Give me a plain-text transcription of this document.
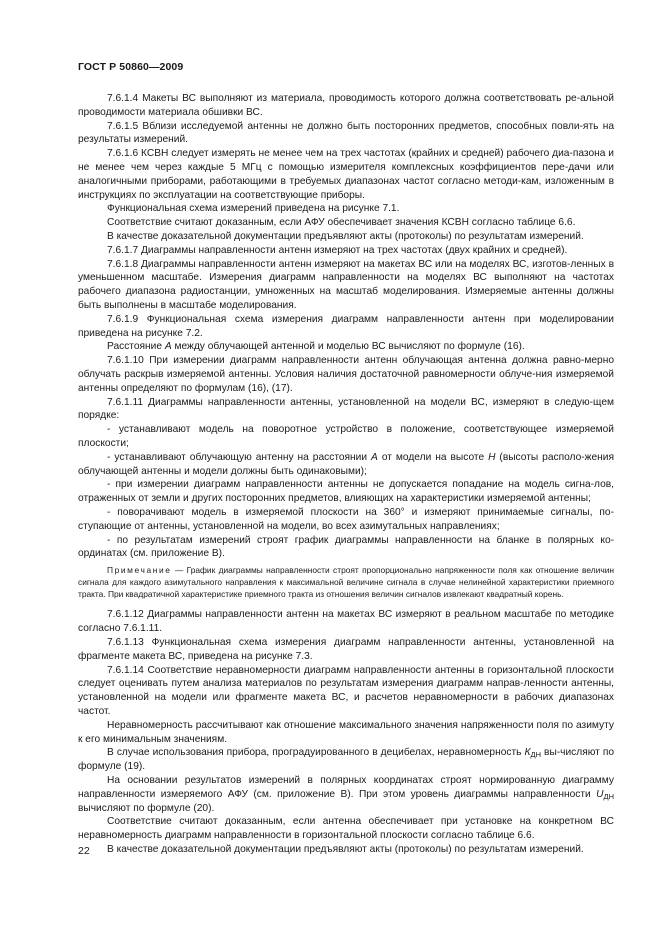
ГОСТ Р 50860—2009

7.6.1.4 Макеты ВС выполняют из материала, проводимость которого должна соответствовать ре-альной проводимости материала обшивки ВС.

7.6.1.5 Вблизи исследуемой антенны не должно быть посторонних предметов, способных повли-ять на результаты измерений.

7.6.1.6 КСВН следует измерять не менее чем на трех частотах (крайних и средней) рабочего диа-пазона и не менее чем через каждые 5 МГц с помощью измерителя комплексных коэффициентов пере-дачи или аналогичными приборами, работающими в требуемых диапазонах частот согласно методи-кам, изложенным в инструкциях по эксплуатации на соответствующие приборы.

Функциональная схема измерений приведена на рисунке 7.1.

Соответствие считают доказанным, если АФУ обеспечивает значения КСВН согласно таблице 6.6.

В качестве доказательной документации предъявляют акты (протоколы) по результатам измерений.

7.6.1.7 Диаграммы направленности антенн измеряют на трех частотах (двух крайних и средней).

7.6.1.8 Диаграммы направленности антенн измеряют на макетах ВС или на моделях ВС, изготов-ленных в уменьшенном масштабе. Измерения диаграмм направленности на моделях ВС выполняют на частотах рабочего диапазона радиостанции, умноженных на масштаб моделирования. Измеряемые антенны должны быть выполнены в масштабе моделирования.

7.6.1.9 Функциональная схема измерения диаграмм направленности антенн при моделировании приведена на рисунке 7.2.

Расстояние А между облучающей антенной и моделью ВС вычисляют по формуле (16).

7.6.1.10 При измерении диаграмм направленности антенн облучающая антенна должна равно-мерно облучать раскрыв измеряемой антенны. Условия наличия достаточной равномерности облуче-ния измеряемой антенны определяют по формулам (16), (17).

7.6.1.11 Диаграммы направленности антенны, установленной на модели ВС, измеряют в следую-щем порядке:

- устанавливают модель на поворотное устройство в положение, соответствующее измеряемой плоскости;

- устанавливают облучающую антенну на расстоянии А от модели на высоте Н (высоты располо-жения облучающей антенны и модели должны быть одинаковыми);

- при измерении диаграмм направленности антенны не допускается попадание на модель сигна-лов, отраженных от земли и других посторонних предметов, влияющих на характеристики измеряемой антенны;

- поворачивают модель в измеряемой плоскости на 360° и измеряют принимаемые сигналы, по-ступающие от антенны, установленной на модели, во всех азимутальных направлениях;

- по результатам измерений строят график диаграммы направленности на бланке в полярных ко-ординатах (см. приложение В).

Примечание — График диаграммы направленности строят пропорционально напряженности поля как отношение величин сигнала для каждого азимутального направления к максимальной величине сигнала в случае нелинейной характеристики приемного тракта. При квадратичной характеристике приемного тракта из отношения величин сигналов извлекают квадратный корень.

7.6.1.12 Диаграммы направленности антенн на макетах ВС измеряют в реальном масштабе по методике согласно 7.6.1.11.

7.6.1.13 Функциональная схема измерения диаграмм направленности антенны, установленной на фрагменте макета ВС, приведена на рисунке 7.3.

7.6.1.14 Соответствие неравномерности диаграмм направленности антенны в горизонтальной плоскости следует оценивать путем анализа материалов по результатам измерения диаграмм направ-ленности антенны, установленной на модели или фрагменте макета ВС, и расчетов неравномерности в рабочих диапазонах частот.

Неравномерность рассчитывают как отношение максимального значения напряженности поля по азимуту к его минимальным значениям.

В случае использования прибора, проградуированного в децибелах, неравномерность $К_{ДН}$ вы-числяют по формуле (19).

На основании результатов измерений в полярных координатах строят нормированную диаграмму направленности измеряемого АФУ (см. приложение В). При этом уровень диаграммы направленности $U_{ДН}$ вычисляют по формуле (20).

Соответствие считают доказанным, если антенна обеспечивает при установке на конкретном ВС неравномерность диаграмм направленности в горизонтальной плоскости согласно таблице 6.6.

В качестве доказательной документации предъявляют акты (протоколы) по результатам измерений.

22
